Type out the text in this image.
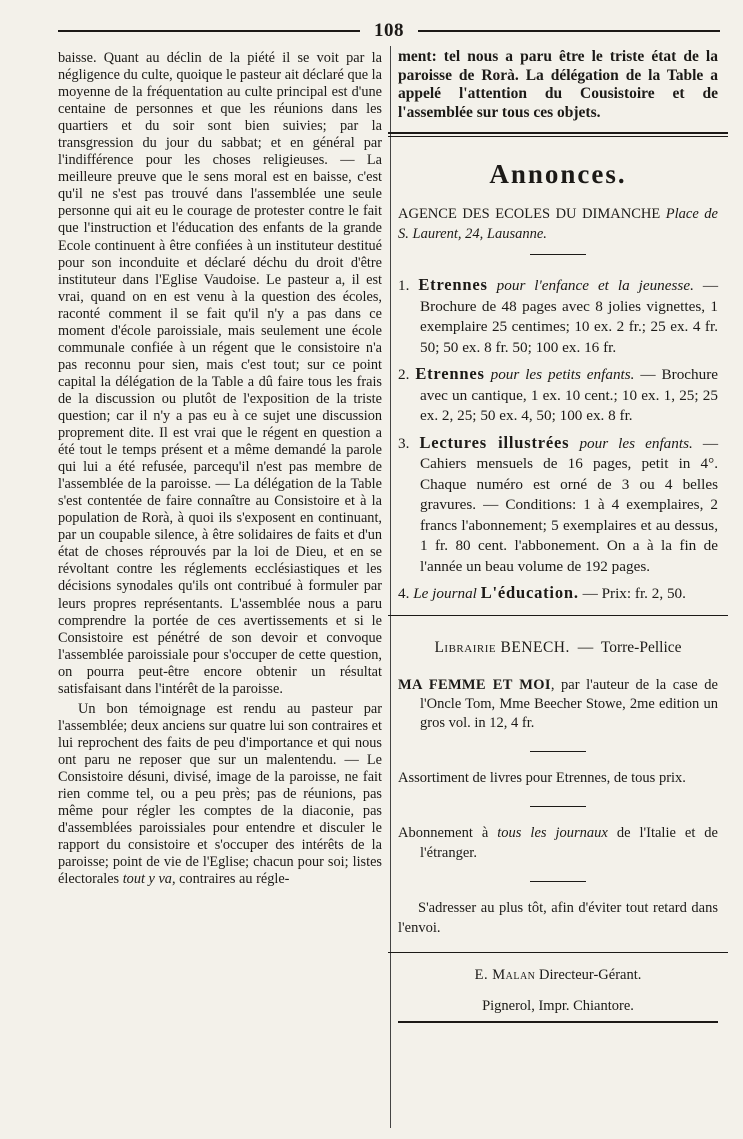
108

baisse. Quant au déclin de la piété il se voit par la négligence du culte, quoique le pasteur ait déclaré que la moyenne de la fréquentation au culte principal est d'une centaine de personnes et que les réunions dans les quartiers et du soir sont bien suivies; par la transgression du jour du sabbat; et en général par l'indifférence pour les choses religieuses. — La meilleure preuve que le sens moral est en baisse, c'est qu'il ne s'est pas trouvé dans l'assemblée une seule personne qui ait eu le courage de protester contre le fait que l'instruction et l'éducation des enfants de la grande Ecole continuent à être confiées à un instituteur destitué pour son inconduite et déclaré déchu du droit d'être instituteur dans l'Eglise Vaudoise. Le pasteur a, il est vrai, quand on en est venu à la question des écoles, raconté comment il se fait qu'il n'y a pas dans ce moment d'école paroissiale, mais seulement une école communale confiée à un régent que le consistoire n'a pas reconnu pour sien, mais c'est tout; sur ce point capital la délégation de la Table a dû faire tous les frais de la discussion ou plutôt de l'exposition de la triste question; car il n'y a pas eu à ce sujet une discussion proprement dite. Il est vrai que le régent en question a été tout le temps présent et a même demandé la parole qui lui a été refusée, parcequ'il n'est pas membre de l'assemblée de la paroisse. — La délégation de la Table s'est contentée de faire connaître au Consistoire et à la population de Rorà, à quoi ils s'exposent en continuant, par un coupable silence, à être solidaires de faits et d'un état de choses réprouvés par la loi de Dieu, et en se révoltant contre les réglements ecclésiastiques et les décisions synodales qu'ils ont contribué à formuler par leurs propres représentants. L'assemblée nous a paru comprendre la portée de ces avertissements et si le Consistoire est pénétré de son devoir et convoque l'assemblée paroissiale pour s'occuper de cette question, on pourra peut-être encore obtenir un résultat satisfaisant dans l'intérêt de la paroisse.

Un bon témoignage est rendu au pasteur par l'assemblée; deux anciens sur quatre lui son contraires et lui reprochent des faits de peu d'importance et qui nous ont paru ne reposer que sur un malentendu. — Le Consistoire désuni, divisé, image de la paroisse, ne fait rien comme tel, ou a peu près; pas de réunions, pas même pour régler les comptes de la diaconie, pas d'assemblées paroissiales pour entendre et disculer le rapport du consistoire et s'occuper des intérêts de la paroisse; point de vie de l'Eglise; chacun pour soi; listes électorales tout y va, contraires au régle-

ment: tel nous a paru être le triste état de la paroisse de Rorà. La délégation de la Table a appelé l'attention du Cousistoire et de l'assemblée sur tous ces objets.

Annonces.

AGENCE DES ECOLES DU DIMANCHE Place de S. Laurent, 24, Lausanne.

1. Etrennes pour l'enfance et la jeunesse. — Brochure de 48 pages avec 8 jolies vignettes, 1 exemplaire 25 centimes; 10 ex. 2 fr.; 25 ex. 4 fr. 50; 50 ex. 8 fr. 50; 100 ex. 16 fr.
2. Etrennes pour les petits enfants. — Brochure avec un cantique, 1 ex. 10 cent.; 10 ex. 1, 25; 25 ex. 2, 25; 50 ex. 4, 50; 100 ex. 8 fr.
3. Lectures illustrées pour les enfants. — Cahiers mensuels de 16 pages, petit in 4°. Chaque numéro est orné de 3 ou 4 belles gravures. — Conditions: 1 à 4 exemplaires, 2 francs l'abonnement; 5 exemplaires et au dessus, 1 fr. 80 cent. l'abbonement. On a à la fin de l'année un beau volume de 192 pages.
4. Le journal L'éducation. — Prix: fr. 2, 50.
Librairie BENECH. — Torre-Pellice

MA FEMME ET MOI, par l'auteur de la case de l'Oncle Tom, Mme Beecher Stowe, 2me edition un gros vol. in 12, 4 fr.

Assortiment de livres pour Etrennes, de tous prix.

Abonnement à tous les journaux de l'Italie et de l'étranger.

S'adresser au plus tôt, afin d'éviter tout retard dans l'envoi.

E. Malan Directeur-Gérant.

Pignerol, Impr. Chiantore.
